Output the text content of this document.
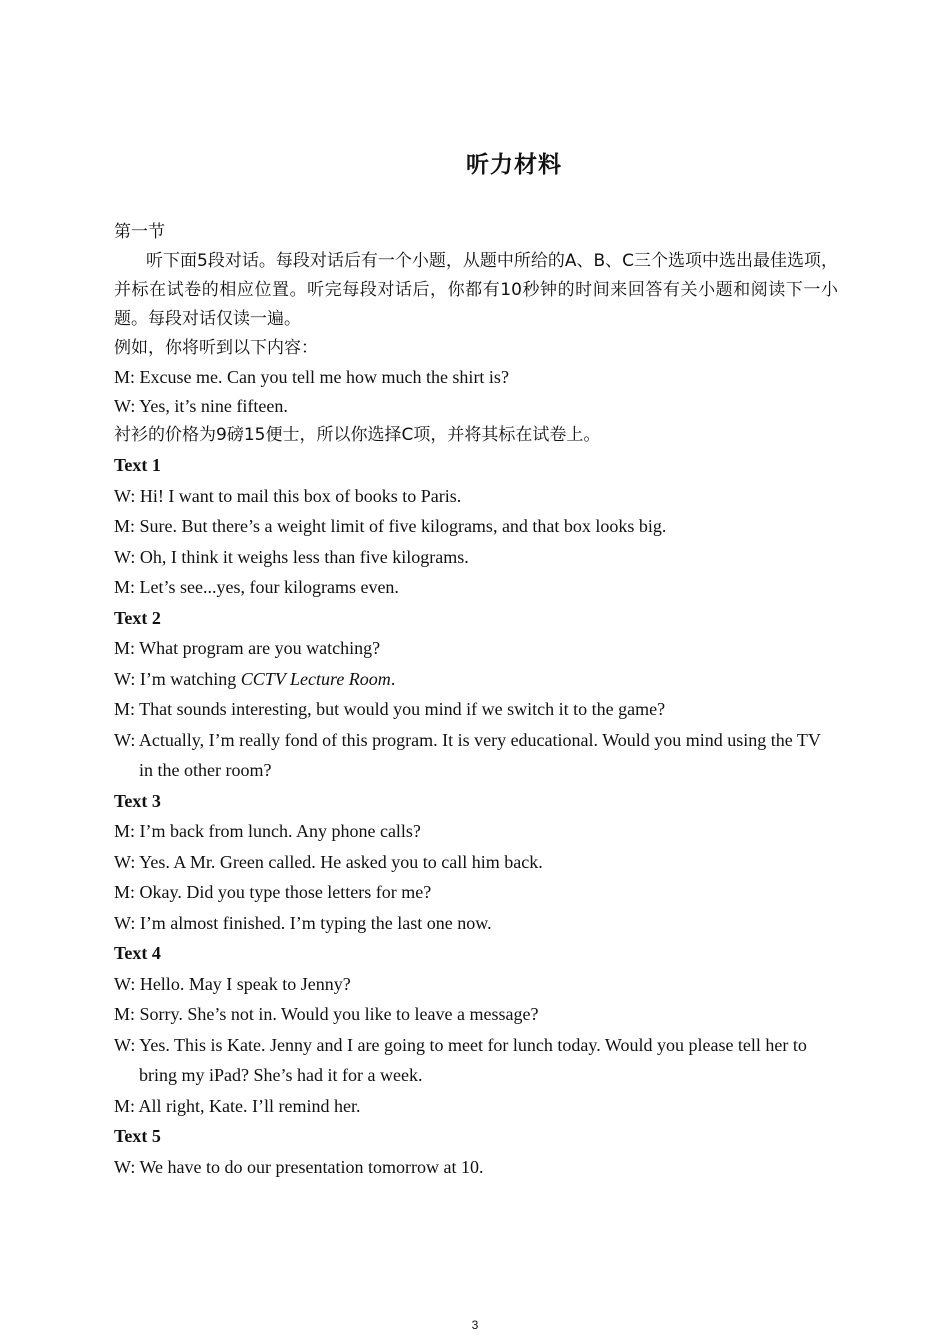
听力材料
第一节
听下面5段对话。每段对话后有一个小题，从题中所给的A、B、C三个选项中选出最佳选项，并标在试卷的相应位置。听完每段对话后，你都有10秒钟的时间来回答有关小题和阅读下一小题。每段对话仅读一遍。
例如，你将听到以下内容：
M: Excuse me. Can you tell me how much the shirt is?
W: Yes, it’s nine fifteen.
衬衫的价格为9磅15便士，所以你选择C项，并将其标在试卷上。
Text 1
W: Hi! I want to mail this box of books to Paris.
M: Sure. But there’s a weight limit of five kilograms, and that box looks big.
W: Oh, I think it weighs less than five kilograms.
M: Let’s see...yes, four kilograms even.
Text 2
M: What program are you watching?
W: I’m watching CCTV Lecture Room.
M: That sounds interesting, but would you mind if we switch it to the game?
W: Actually, I’m really fond of this program. It is very educational. Would you mind using the TV in the other room?
Text 3
M: I’m back from lunch. Any phone calls?
W: Yes. A Mr. Green called. He asked you to call him back.
M: Okay. Did you type those letters for me?
W: I’m almost finished. I’m typing the last one now.
Text 4
W: Hello. May I speak to Jenny?
M: Sorry. She’s not in. Would you like to leave a message?
W: Yes. This is Kate. Jenny and I are going to meet for lunch today. Would you please tell her to bring my iPad? She’s had it for a week.
M: All right, Kate. I’ll remind her.
Text 5
W: We have to do our presentation tomorrow at 10.
3
